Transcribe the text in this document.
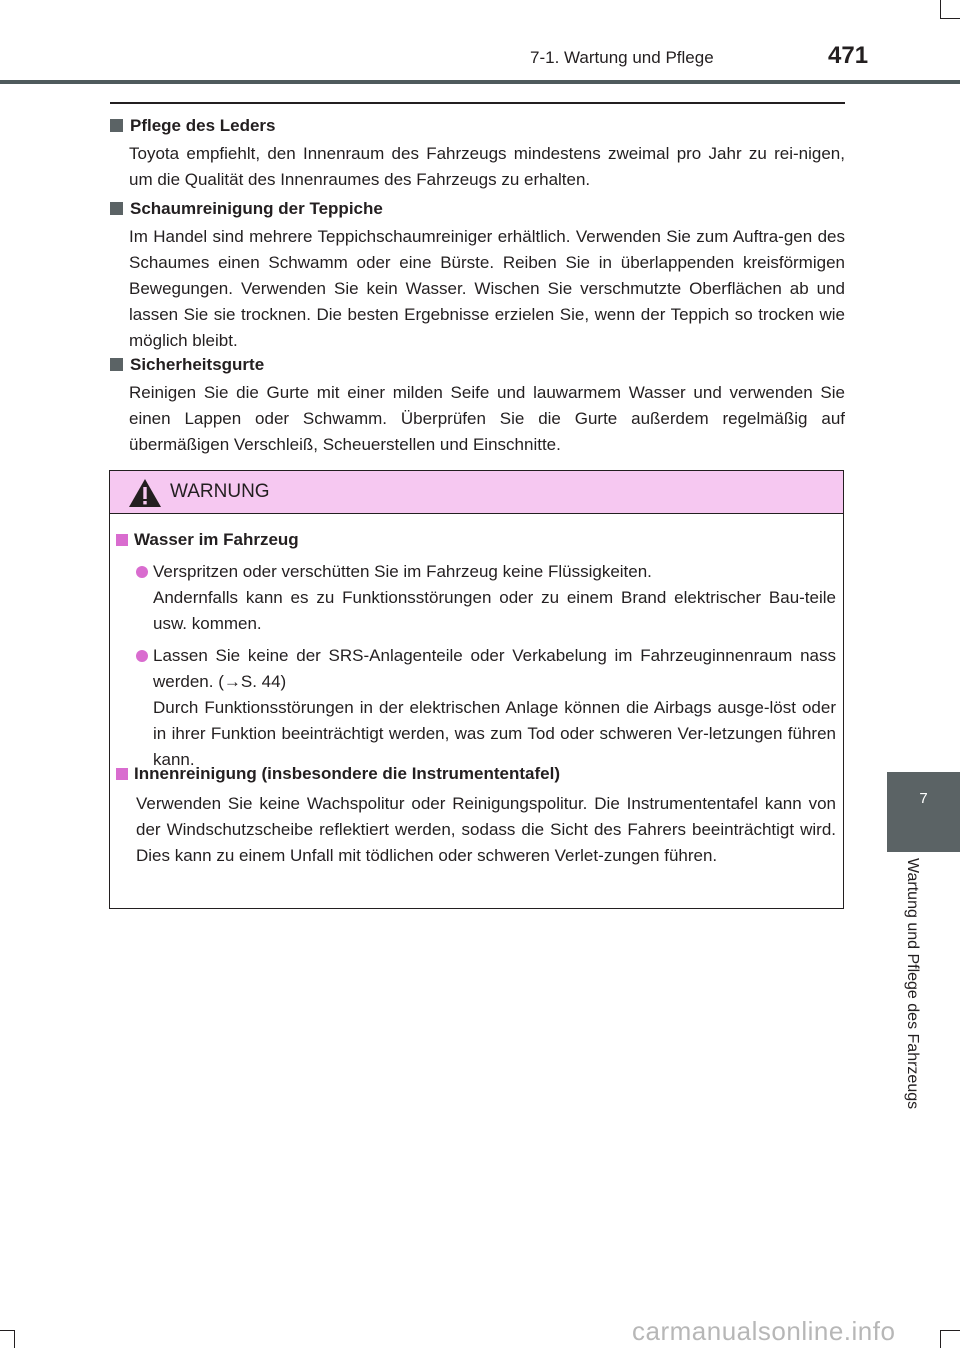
7-1. Wartung und Pflege	471
7
Wartung und Pflege des Fahrzeugs

Pflege des Leders

Toyota empfiehlt, den Innenraum des Fahrzeugs mindestens zweimal pro Jahr zu rei-nigen, um die Qualität des Innenraumes des Fahrzeugs zu erhalten.

Schaumreinigung der Teppiche

Im Handel sind mehrere Teppichschaumreiniger erhältlich. Verwenden Sie zum Auftra-gen des Schaumes einen Schwamm oder eine Bürste. Reiben Sie in überlappenden kreisförmigen Bewegungen. Verwenden Sie kein Wasser. Wischen Sie verschmutzte Oberflächen ab und lassen Sie sie trocknen. Die besten Ergebnisse erzielen Sie, wenn der Teppich so trocken wie möglich bleibt.

Sicherheitsgurte

Reinigen Sie die Gurte mit einer milden Seife und lauwarmem Wasser und verwenden Sie einen Lappen oder Schwamm. Überprüfen Sie die Gurte außerdem regelmäßig auf übermäßigen Verschleiß, Scheuerstellen und Einschnitte.
WARNUNG

Wasser im Fahrzeug

Verspritzen oder verschütten Sie im Fahrzeug keine Flüssigkeiten.
Andernfalls kann es zu Funktionsstörungen oder zu einem Brand elektrischer Bau-teile usw. kommen.
Lassen Sie keine der SRS-Anlagenteile oder Verkabelung im Fahrzeuginnenraum nass werden. (→S. 44)
Durch Funktionsstörungen in der elektrischen Anlage können die Airbags ausge-löst oder in ihrer Funktion beeinträchtigt werden, was zum Tod oder schweren Ver-letzungen führen kann.

Innenreinigung (insbesondere die Instrumententafel)

Verwenden Sie keine Wachspolitur oder Reinigungspolitur. Die Instrumententafel kann von der Windschutzscheibe reflektiert werden, sodass die Sicht des Fahrers beeinträchtigt wird. Dies kann zu einem Unfall mit tödlichen oder schweren Verlet-zungen führen.
carmanualsonline.info
